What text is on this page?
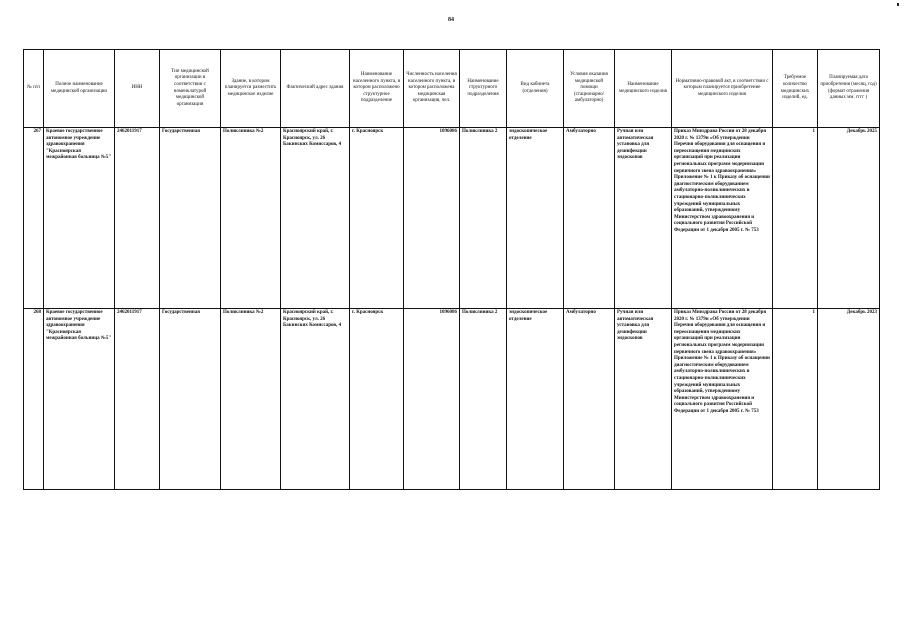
84
№ п/п	Полное наименование медицинской организации	ИНН	Тип медицинской организации в соответствии с номенклатурой медицинской организации	Здание, в котором планируется разместить медицинское изделие	Фактический адрес здания	Наименование населенного пункта, в котором расположено структурное подразделение	Численность населения населенного пункта, в котором расположена медицинская организация, чел.	Наименование структурного подразделения	Вид кабинета (отделения)	Условия оказания медицинской помощи (стационарно/ амбулаторно)	Наименование медицинского изделия	Нормативно-правовой акт, в соответствии с которым планируется приобретение медицинского изделия	Требуемое количество медицинских изделий, ед.	Планируемая дата приобретения (месяц, год) (формат отражения данных мм. гггг )
267	Краевое государственное автономное учреждение здравоохранения "Красноярская межрайонная больница №5"	2462011917	Государственная	Поликлиника №2	Красноярский край, г. Красноярск, ул. 26 Бакинских Комиссаров, 4	г. Красноярск	1096086	Поликлиника 2	эндоскопическое отделение	Амбулаторно	Ручная или автоматическая установка для дезинфекции эндоскопов	Приказ Минздрава России от 28 декабря 2020 г. № 1379н «Об утверждении Перечня оборудования для оснащения и переоснащения медицинских организаций при реализации региональных программ модернизации первичного звена здравоохранения» Приложение № 1 к Приказу об оснащении диагностическим оборудованием амбулаторно-поликлинических и стационарно-поликлинических учреждений муниципальных образований, утвержденному Министерством здравоохранения и социального развития Российской Федерации от 1 декабря 2005 г. № 753	1	Декабрь 2025
268	Краевое государственное автономное учреждение здравоохранения "Красноярская межрайонная больница №5"	2462011917	Государственная	Поликлиника №2	Красноярский край, г. Красноярск, ул. 26 Бакинских Комиссаров, 4	г. Красноярск	1096086	Поликлиника 2	эндоскопическое отделение	Амбулаторно	Ручная или автоматическая установка для дезинфекции эндоскопов	Приказ Минздрава России от 28 декабря 2020 г. № 1379н «Об утверждении Перечня оборудования для оснащения и переоснащения медицинских организаций при реализации региональных программ модернизации первичного звена здравоохранения» Приложение № 1 к Приказу об оснащении диагностическим оборудованием амбулаторно-поликлинических и стационарно-поликлинических учреждений муниципальных образований, утвержденному Министерством здравоохранения и социального развития Российской Федерации от 1 декабря 2005 г. № 753	1	Декабрь 2023
